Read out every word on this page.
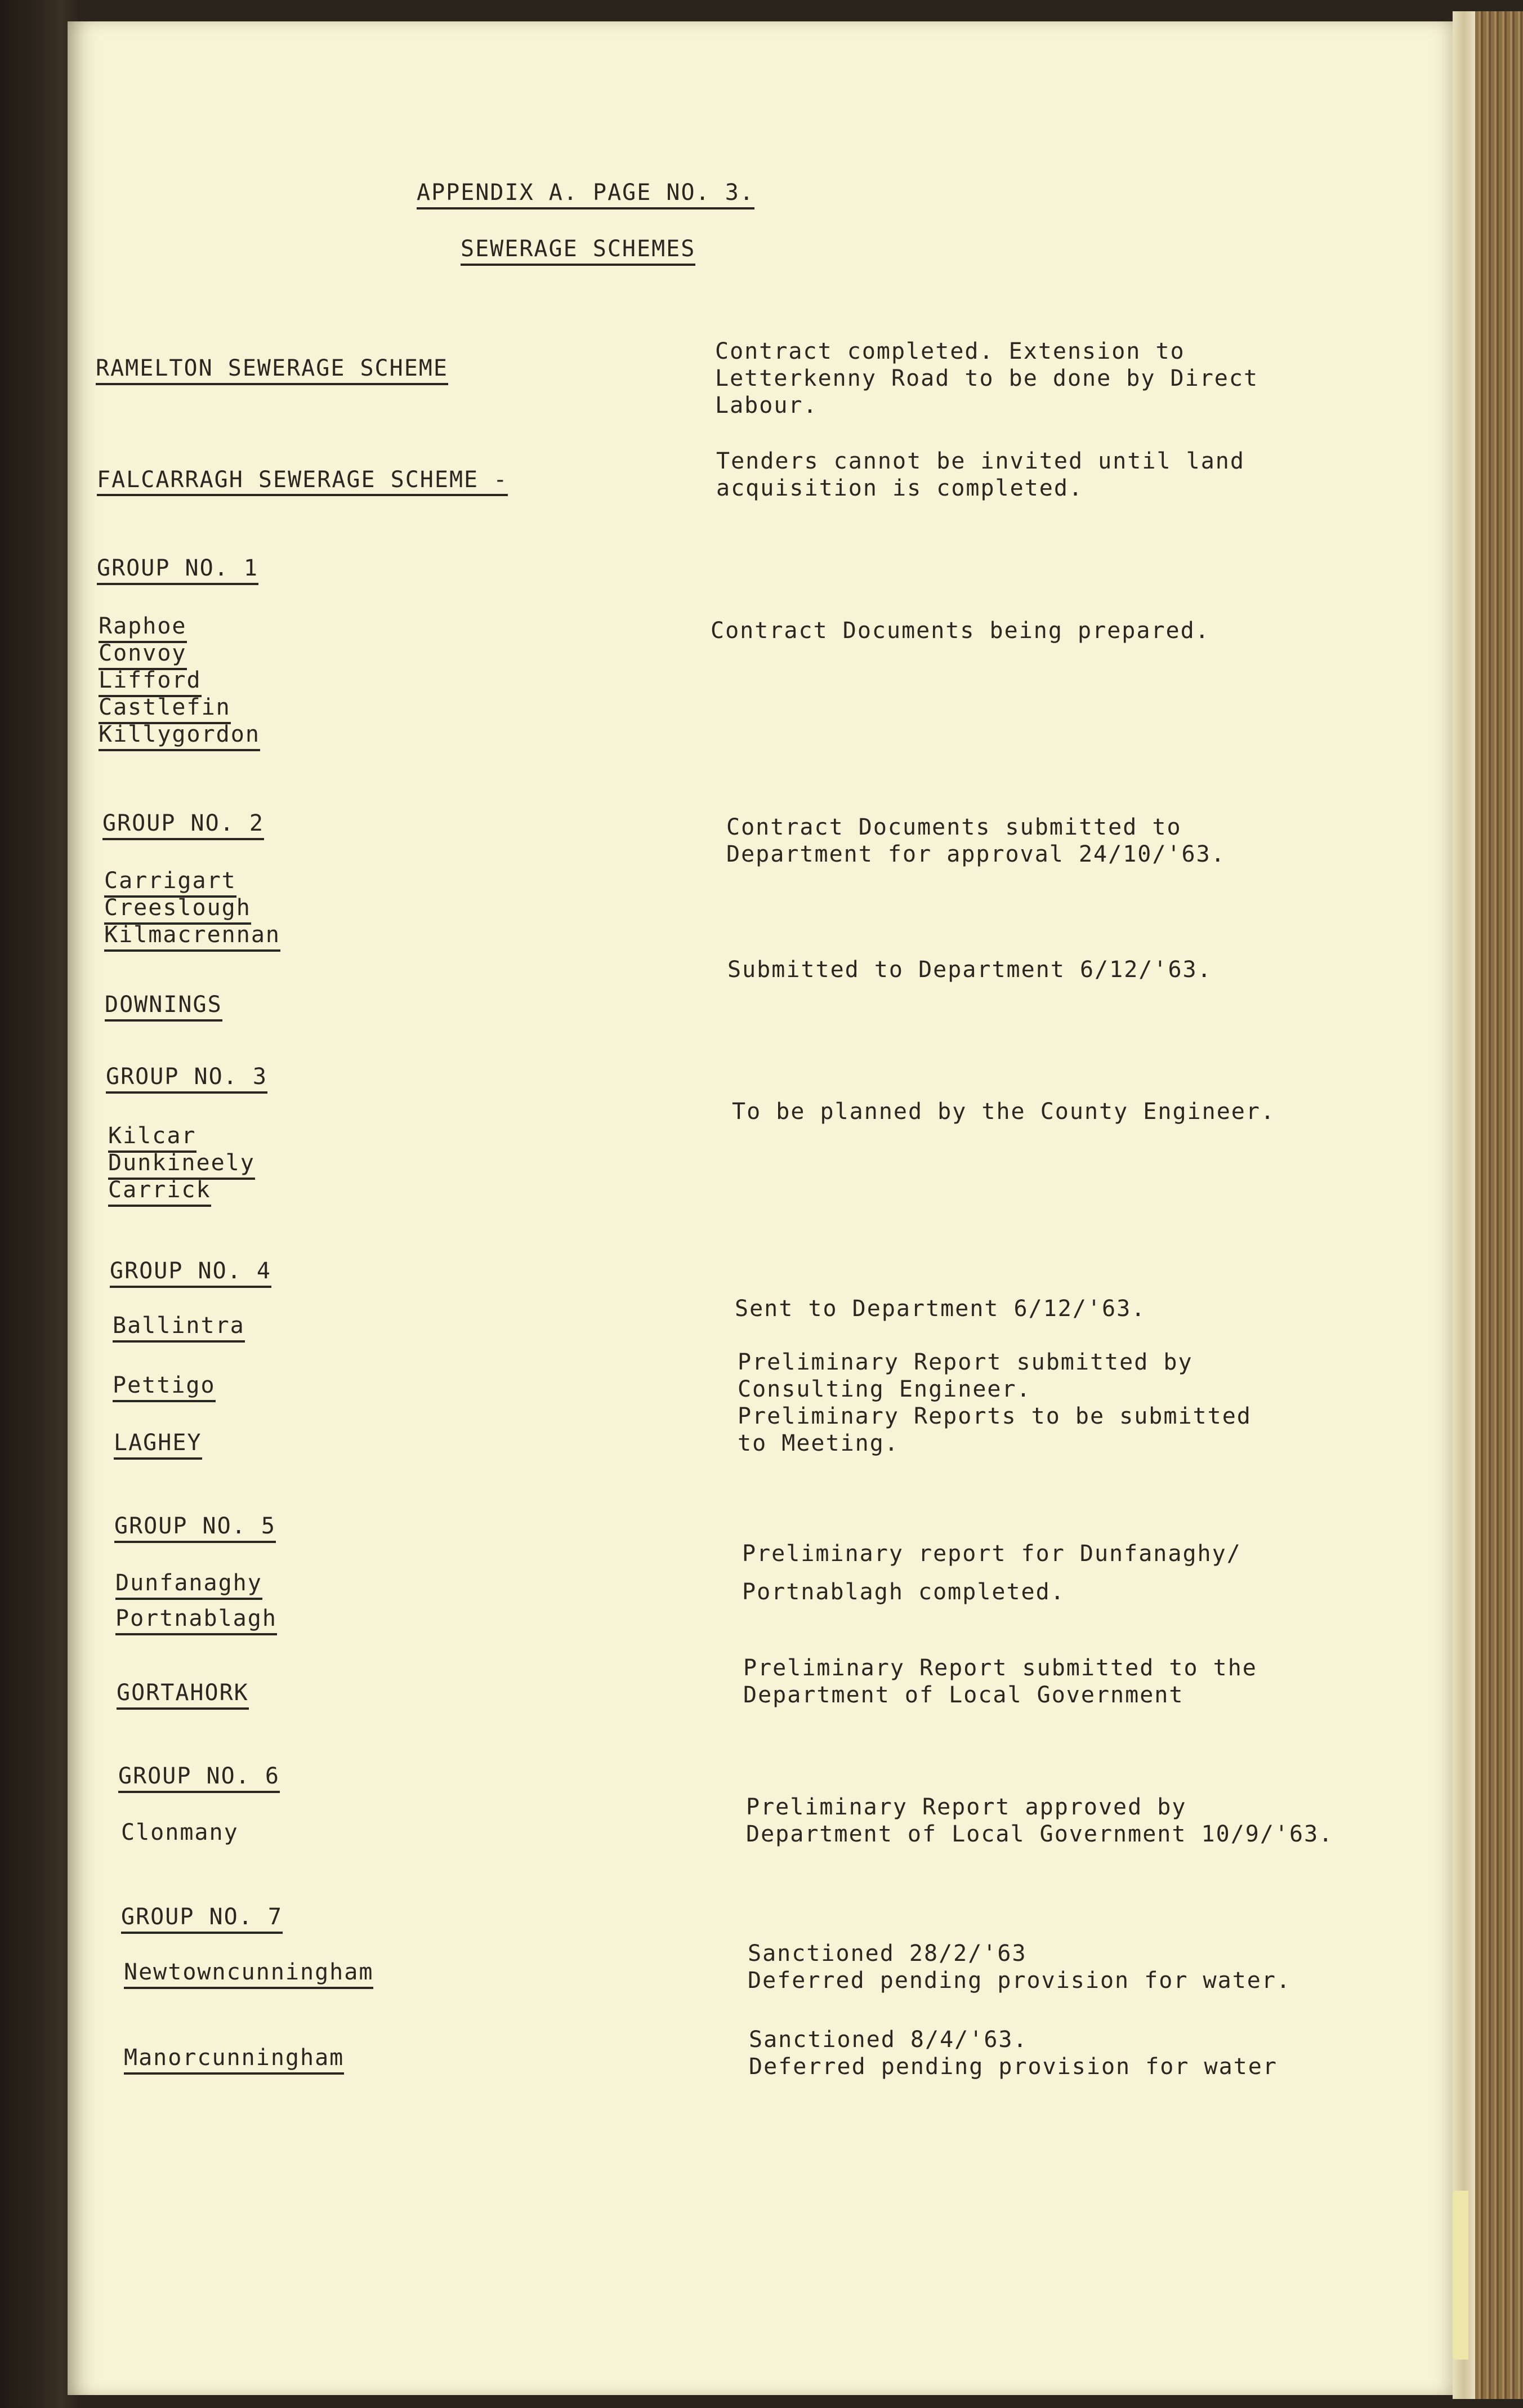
APPENDIX A. PAGE NO. 3.
SEWERAGE SCHEMES
RAMELTON SEWERAGE SCHEME
Contract completed. Extension to
Letterkenny Road to be done by Direct
Labour.
FALCARRAGH SEWERAGE SCHEME -
Tenders cannot be invited until land
acquisition is completed.
GROUP NO. 1
Raphoe
Convoy
Lifford
Castlefin
Killygordon
Contract Documents being prepared.
GROUP NO. 2
Carrigart
Creeslough
Kilmacrennan
Contract Documents submitted to
Department for approval 24/10/'63.
DOWNINGS
Submitted to Department 6/12/'63.
GROUP NO. 3
Kilcar
Dunkineely
Carrick
To be planned by the County Engineer.
GROUP NO. 4
Ballintra
Pettigo
LAGHEY
Sent to Department 6/12/'63.
Preliminary Report submitted by
Consulting Engineer.
Preliminary Reports to be submitted
to Meeting.
GROUP NO. 5
Dunfanaghy
Portnablagh
GORTAHORK
Preliminary report for Dunfanaghy/
Portnablagh completed.
Preliminary Report submitted to the
Department of Local Government
GROUP NO. 6
Clonmany
Preliminary Report approved by
Department of Local Government 10/9/'63.
GROUP NO. 7
Newtowncunningham
Manorcunningham
Sanctioned 28/2/'63
Deferred pending provision for water.
Sanctioned 8/4/'63.
Deferred pending provision for water
